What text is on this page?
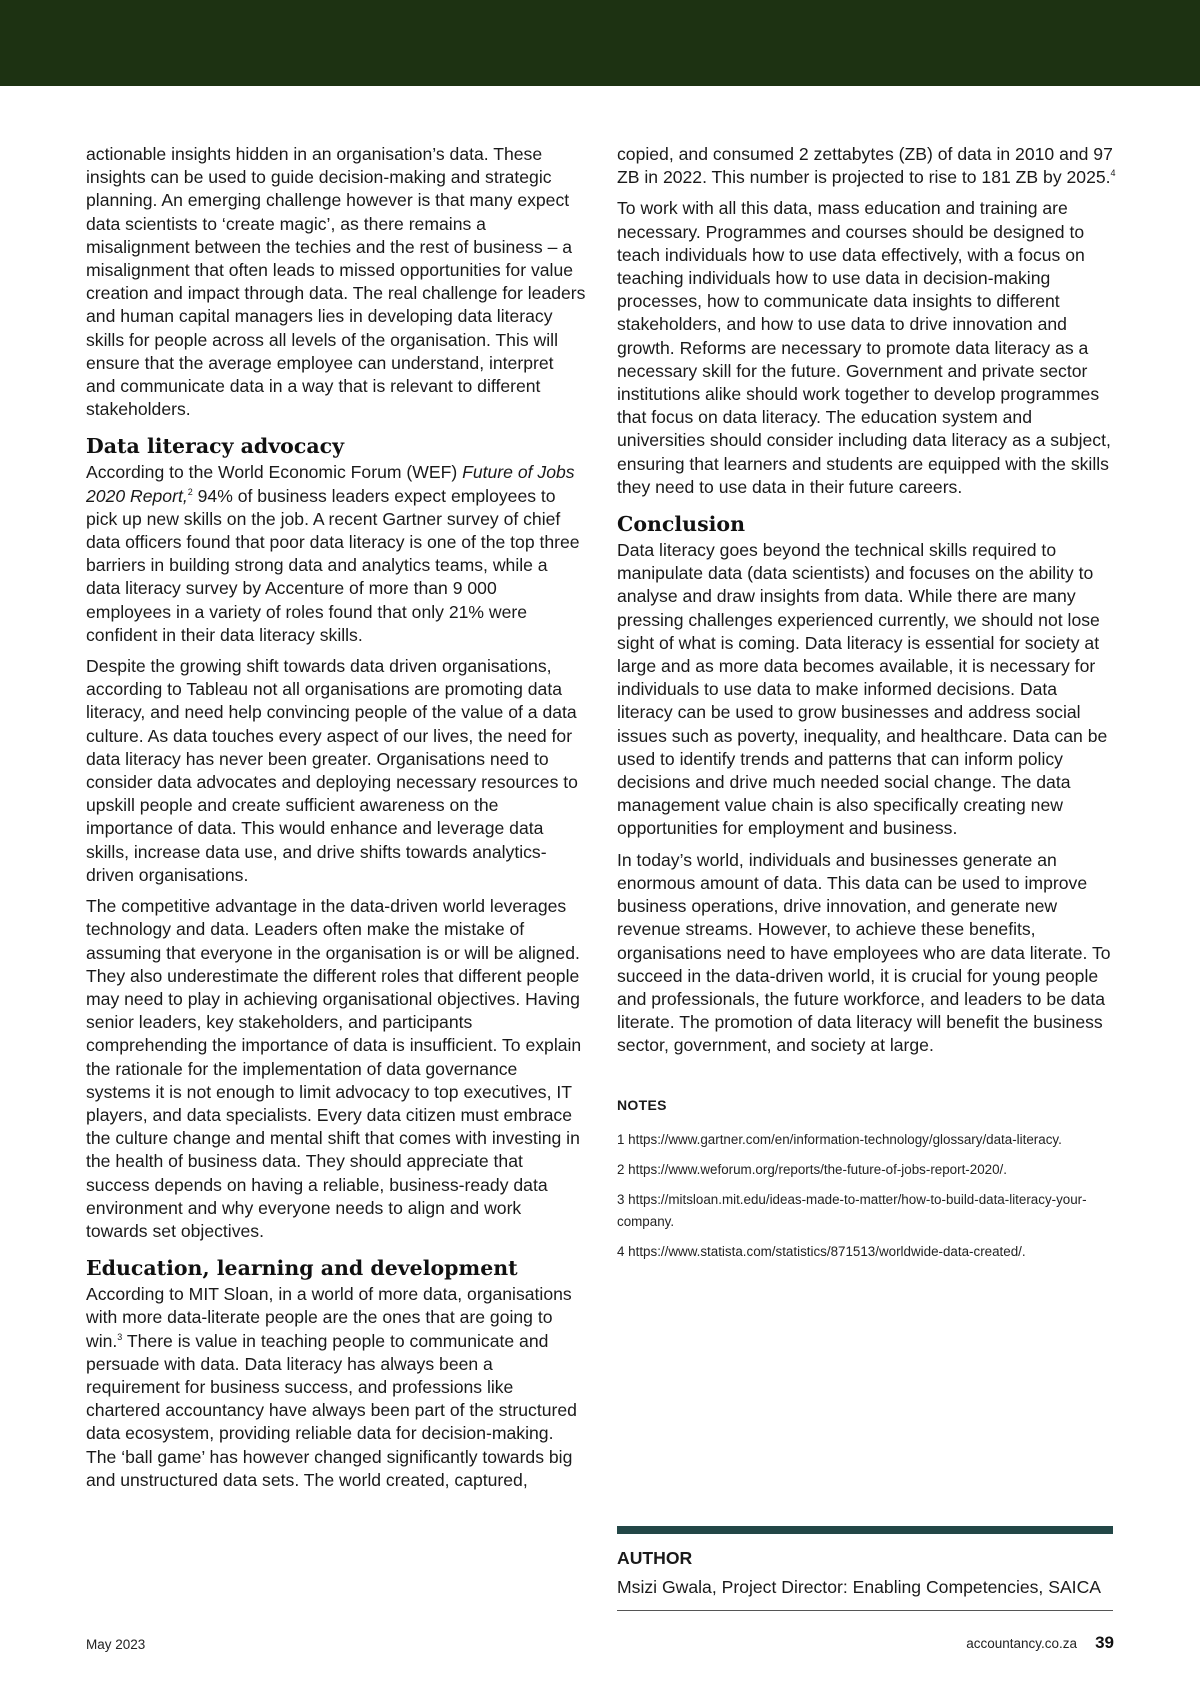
actionable insights hidden in an organisation’s data. These insights can be used to guide decision-making and strategic planning. An emerging challenge however is that many expect data scientists to ‘create magic’, as there remains a misalignment between the techies and the rest of business – a misalignment that often leads to missed opportunities for value creation and impact through data. The real challenge for leaders and human capital managers lies in developing data literacy skills for people across all levels of the organisation. This will ensure that the average employee can understand, interpret and communicate data in a way that is relevant to different stakeholders.

Data literacy advocacy

According to the World Economic Forum (WEF) Future of Jobs 2020 Report,$^2$ 94% of business leaders expect employees to pick up new skills on the job. A recent Gartner survey of chief data officers found that poor data literacy is one of the top three barriers in building strong data and analytics teams, while a data literacy survey by Accenture of more than 9 000 employees in a variety of roles found that only 21% were confident in their data literacy skills.

Despite the growing shift towards data driven organisations, according to Tableau not all organisations are promoting data literacy, and need help convincing people of the value of a data culture. As data touches every aspect of our lives, the need for data literacy has never been greater. Organisations need to consider data advocates and deploying necessary resources to upskill people and create sufficient awareness on the importance of data. This would enhance and leverage data skills, increase data use, and drive shifts towards analytics-driven organisations.

The competitive advantage in the data-driven world leverages technology and data. Leaders often make the mistake of assuming that everyone in the organisation is or will be aligned. They also underestimate the different roles that different people may need to play in achieving organisational objectives. Having senior leaders, key stakeholders, and participants comprehending the importance of data is insufficient. To explain the rationale for the implementation of data governance systems it is not enough to limit advocacy to top executives, IT players, and data specialists. Every data citizen must embrace the culture change and mental shift that comes with investing in the health of business data. They should appreciate that success depends on having a reliable, business-ready data environment and why everyone needs to align and work towards set objectives.

Education, learning and development

According to MIT Sloan, in a world of more data, organisations with more data-literate people are the ones that are going to win.$^3$ There is value in teaching people to communicate and persuade with data. Data literacy has always been a requirement for business success, and professions like chartered accountancy have always been part of the structured data ecosystem, providing reliable data for decision-making. The ‘ball game’ has however changed significantly towards big and unstructured data sets. The world created, captured,

copied, and consumed 2 zettabytes (ZB) of data in 2010 and 97 ZB in 2022. This number is projected to rise to 181 ZB by 2025.$^4$

To work with all this data, mass education and training are necessary. Programmes and courses should be designed to teach individuals how to use data effectively, with a focus on teaching individuals how to use data in decision-making processes, how to communicate data insights to different stakeholders, and how to use data to drive innovation and growth. Reforms are necessary to promote data literacy as a necessary skill for the future. Government and private sector institutions alike should work together to develop programmes that focus on data literacy. The education system and universities should consider including data literacy as a subject, ensuring that learners and students are equipped with the skills they need to use data in their future careers.

Conclusion

Data literacy goes beyond the technical skills required to manipulate data (data scientists) and focuses on the ability to analyse and draw insights from data. While there are many pressing challenges experienced currently, we should not lose sight of what is coming. Data literacy is essential for society at large and as more data becomes available, it is necessary for individuals to use data to make informed decisions. Data literacy can be used to grow businesses and address social issues such as poverty, inequality, and healthcare. Data can be used to identify trends and patterns that can inform policy decisions and drive much needed social change. The data management value chain is also specifically creating new opportunities for employment and business.

In today’s world, individuals and businesses generate an enormous amount of data. This data can be used to improve business operations, drive innovation, and generate new revenue streams. However, to achieve these benefits, organisations need to have employees who are data literate. To succeed in the data-driven world, it is crucial for young people and professionals, the future workforce, and leaders to be data literate. The promotion of data literacy will benefit the business sector, government, and society at large.

NOTES
1 https://www.gartner.com/en/information-technology/glossary/data-literacy.
2 https://www.weforum.org/reports/the-future-of-jobs-report-2020/.
3 https://mitsloan.mit.edu/ideas-made-to-matter/how-to-build-data-literacy-your-company.
4 https://www.statista.com/statistics/871513/worldwide-data-created/.
AUTHOR
Msizi Gwala, Project Director: Enabling Competencies, SAICA
May 2023	accountancy.co.za 39
